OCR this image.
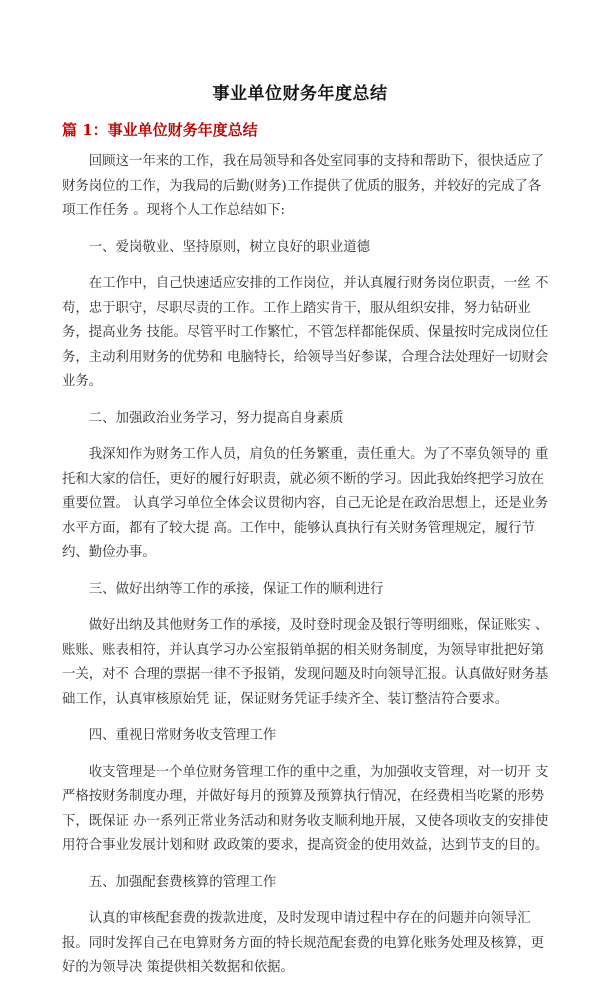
事业单位财务年度总结
篇 1：事业单位财务年度总结

回顾这一年来的工作，我在局领导和各处室同事的支持和帮助下，很快适应了财务岗位的工作，为我局的后勤(财务)工作提供了优质的服务，并较好的完成了各项工作任务 。现将个人工作总结如下:

一、爱岗敬业、坚持原则，树立良好的职业道德

在工作中，自己快速适应安排的工作岗位，并认真履行财务岗位职责，一丝 不苟，忠于职守，尽职尽责的工作。工作上踏实肯干，服从组织安排，努力钻研业务，提高业务 技能。尽管平时工作繁忙，不管怎样都能保质、保量按时完成岗位任务，主动利用财务的优势和 电脑特长，给领导当好参谋，合理合法处理好一切财会业务。

二、加强政治业务学习，努力提高自身素质

我深知作为财务工作人员，肩负的任务繁重，责任重大。为了不辜负领导的 重托和大家的信任，更好的履行好职责，就必须不断的学习。因此我始终把学习放在重要位置。 认真学习单位全体会议贯彻内容，自己无论是在政治思想上，还是业务水平方面，都有了较大提 高。工作中，能够认真执行有关财务管理规定，履行节约、勤俭办事。

三、做好出纳等工作的承接，保证工作的顺利进行

做好出纳及其他财务工作的承接，及时登时现金及银行等明细账，保证账实 、账账、账表相符，并认真学习办公室报销单据的相关财务制度，为领导审批把好第一关，对不 合理的票据一律不予报销，发现问题及时向领导汇报。认真做好财务基础工作，认真审核原始凭 证，保证财务凭证手续齐全、装订整洁符合要求。

四、重视日常财务收支管理工作

收支管理是一个单位财务管理工作的重中之重，为加强收支管理，对一切开 支严格按财务制度办理，并做好每月的预算及预算执行情况，在经费相当吃紧的形势下，既保证 办一系列正常业务活动和财务收支顺利地开展，又使各项收支的安排使用符合事业发展计划和财 政政策的要求，提高资金的使用效益，达到节支的目的。

五、加强配套费核算的管理工作

认真的审核配套费的拨款进度，及时发现申请过程中存在的问题并向领导汇 报。同时发挥自己在电算财务方面的特长规范配套费的电算化账务处理及核算，更好的为领导决 策提供相关数据和依据。
